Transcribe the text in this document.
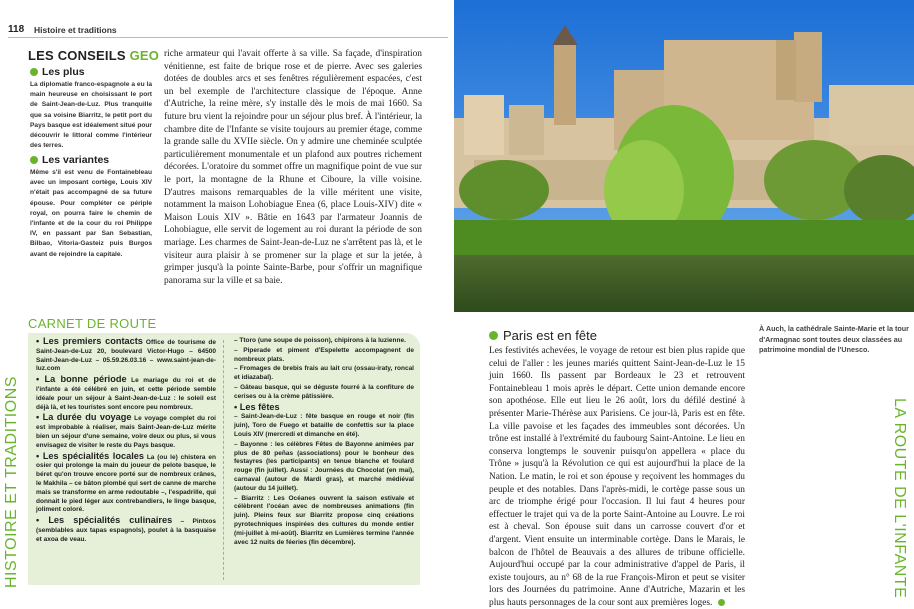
118 Histoire et traditions
LES CONSEILS GEO
Les plus
La diplomatie franco-espagnole a eu la main heureuse en choisissant le port de Saint-Jean-de-Luz. Plus tranquille que sa voisine Biarritz, le petit port du Pays basque est idéalement situé pour découvrir le littoral comme l'intérieur des terres.
Les variantes
Même s'il est venu de Fontainebleau avec un imposant cortège, Louis XIV n'était pas accompagné de sa future épouse. Pour compléter ce périple royal, on pourra faire le chemin de l'infante et de la cour du roi Philippe IV, en passant par San Sebastian, Bilbao, Vitoria-Gasteiz puis Burgos avant de rejoindre la capitale.
riche armateur qui l'avait offerte à sa ville. Sa façade, d'inspiration vénitienne, est faite de brique rose et de pierre. Avec ses galeries dotées de doubles arcs et ses fenêtres régulièrement espacées, c'est un bel exemple de l'architecture classique de l'époque. Anne d'Autriche, la reine mère, s'y installe dès le mois de mai 1660. Sa future bru vient la rejoindre pour un séjour plus bref. À l'intérieur, la chambre dite de l'Infante se visite toujours au premier étage, comme la grande salle du XVIIe siècle. On y admire une cheminée sculptée particulièrement monumentale et un plafond aux poutres richement décorées. L'oratoire du sommet offre un magnifique point de vue sur le port, la montagne de la Rhune et Ciboure, la ville voisine. D'autres maisons remarquables de la ville méritent une visite, notamment la maison Lohobiague Enea (6, place Louis-XIV) dite « Maison Louis XIV ». Bâtie en 1643 par l'armateur Joannis de Lohobiague, elle servit de logement au roi durant la période de son mariage. Les charmes de Saint-Jean-de-Luz ne s'arrêtent pas là, et le visiteur aura plaisir à se promener sur la plage et sur la jetée, à grimper jusqu'à la pointe Sainte-Barbe, pour s'offrir un magnifique panorama sur la ville et sa baie.
À Auch, la cathédrale Sainte-Marie et la tour d'Armagnac sont toutes deux classées au patrimoine mondial de l'Unesco.
HISTOIRE ET TRADITIONS	LA ROUTE DE L'INFANTE
CARNET DE ROUTE
• Les premiers contacts Office de tourisme de Saint-Jean-de-Luz 20, boulevard Victor-Hugo – 64500 Saint-Jean-de-Luz – 05.59.26.03.16 – www.saint-jean-de-luz.com
• La bonne période Le mariage du roi et de l'infante a été célébré en juin, et cette période semble idéale pour un séjour à Saint-Jean-de-Luz : le soleil est déjà là, et les touristes sont encore peu nombreux.
• La durée du voyage Le voyage complet du roi est improbable à réaliser, mais Saint-Jean-de-Luz mérite bien un séjour d'une semaine, voire deux ou plus, si vous envisagez de visiter le reste du Pays basque.
• Les spécialités locales La (ou le) chistera en osier qui prolonge la main du joueur de pelote basque, le béret qu'on trouve encore porté sur de nombreux crânes, le Makhila – ce bâton plombé qui sert de canne de marche mais se transforme en arme redoutable –, l'espadrille, qui donnait le pied léger aux contrebandiers, le linge basque, joliment coloré.
• Les spécialités culinaires – Pintxos (semblables aux tapas espagnols), poulet à la basquaise et axoa de veau.
– Ttoro (une soupe de poisson), chipirons à la luzienne.
– Piperade et piment d'Espelette accompagnent de nombreux plats.
– Fromages de brebis frais au lait cru (ossau-iraty, roncal et idiazabal).
– Gâteau basque, qui se déguste fourré à la confiture de cerises ou à la crème pâtissière.
• Les fêtes
– Saint-Jean-de-Luz : fête basque en rouge et noir (fin juin), Toro de Fuego et bataille de confettis sur la place Louis XIV (mercredi et dimanche en été).
– Bayonne : les célèbres Fêtes de Bayonne animées par plus de 80 peñas (associations) pour le bonheur des festayres (les participants) en tenue blanche et foulard rouge (fin juillet). Aussi : Journées du Chocolat (en mai), carnaval (autour de Mardi gras), et marché médiéval (autour du 14 juillet).
– Biarritz : Les Océanes ouvrent la saison estivale et célèbrent l'océan avec de nombreuses animations (fin juin). Pleins feux sur Biarritz propose cinq créations pyrotechniques inspirées des cultures du monde entier (mi-juillet à mi-août). Biarritz en Lumières termine l'année avec 12 nuits de féeries (fin décembre).
Paris est en fête
Les festivités achevées, le voyage de retour est bien plus rapide que celui de l'aller : les jeunes mariés quittent Saint-Jean-de-Luz le 15 juin 1660. Ils passent par Bordeaux le 23 et retrouvent Fontainebleau 1 mois après le départ. Cette union demande encore son apothéose. Elle eut lieu le 26 août, lors du défilé destiné à présenter Marie-Thérèse aux Parisiens. Ce jour-là, Paris est en fête. La ville pavoise et les façades des immeubles sont décorées. Un trône est installé à l'extrémité du faubourg Saint-Antoine. Le lieu en conserva longtemps le souvenir puisqu'on appellera « place du Trône » jusqu'à la Révolution ce qui est aujourd'hui la place de la Nation. Le matin, le roi et son épouse y reçoivent les hommages du peuple et des notables. Dans l'après-midi, le cortège passe sous un arc de triomphe érigé pour l'occasion. Il lui faut 4 heures pour effectuer le trajet qui va de la porte Saint-Antoine au Louvre. Le roi est à cheval. Son épouse suit dans un carrosse couvert d'or et d'argent. Vient ensuite un interminable cortège. Dans le Marais, le balcon de l'hôtel de Beauvais a des allures de tribune officielle. Aujourd'hui occupé par la cour administrative d'appel de Paris, il existe toujours, au n° 68 de la rue François-Miron et peut se visiter lors des Journées du patrimoine. Anne d'Autriche, Mazarin et les plus hauts personnages de la cour sont aux premières loges.
